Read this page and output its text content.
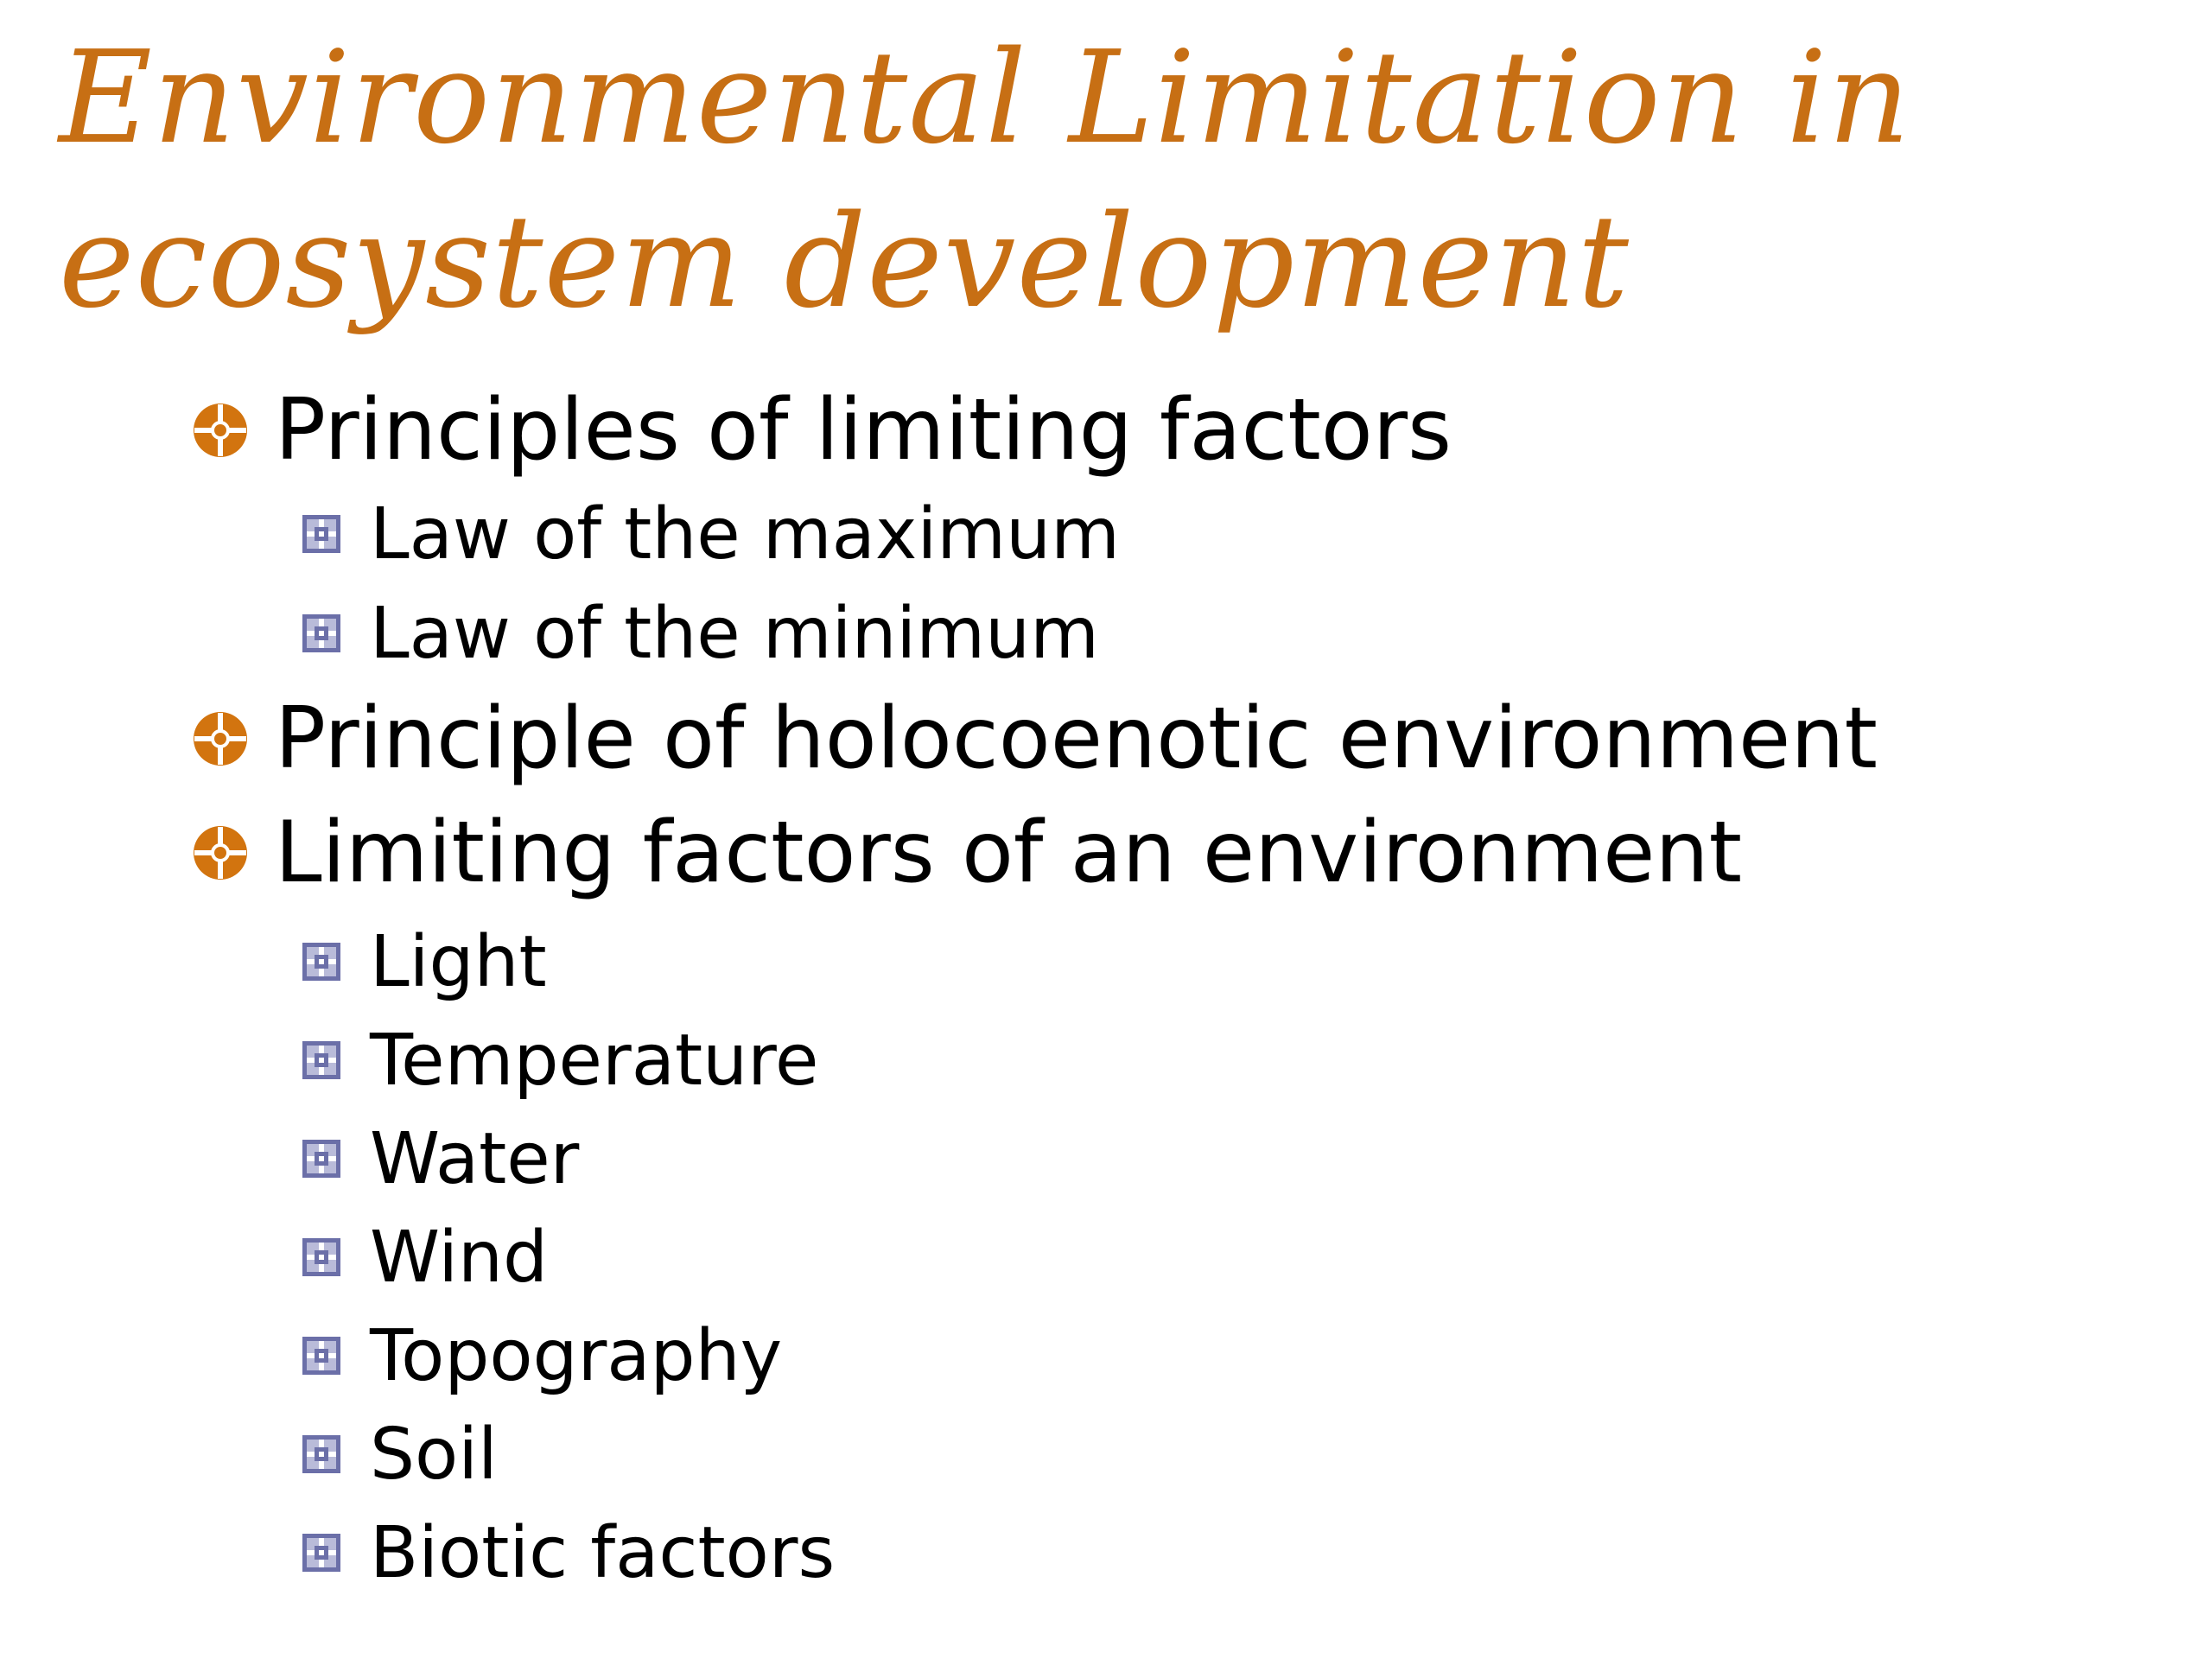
Environmental Limitation in
ecosystem development
Principles of limiting factors
Law of the maximum
Law of the minimum
Principle of holocoenotic environment
Limiting factors of an environment
Light
Temperature
Water
Wind
Topography
Soil
Biotic factors
